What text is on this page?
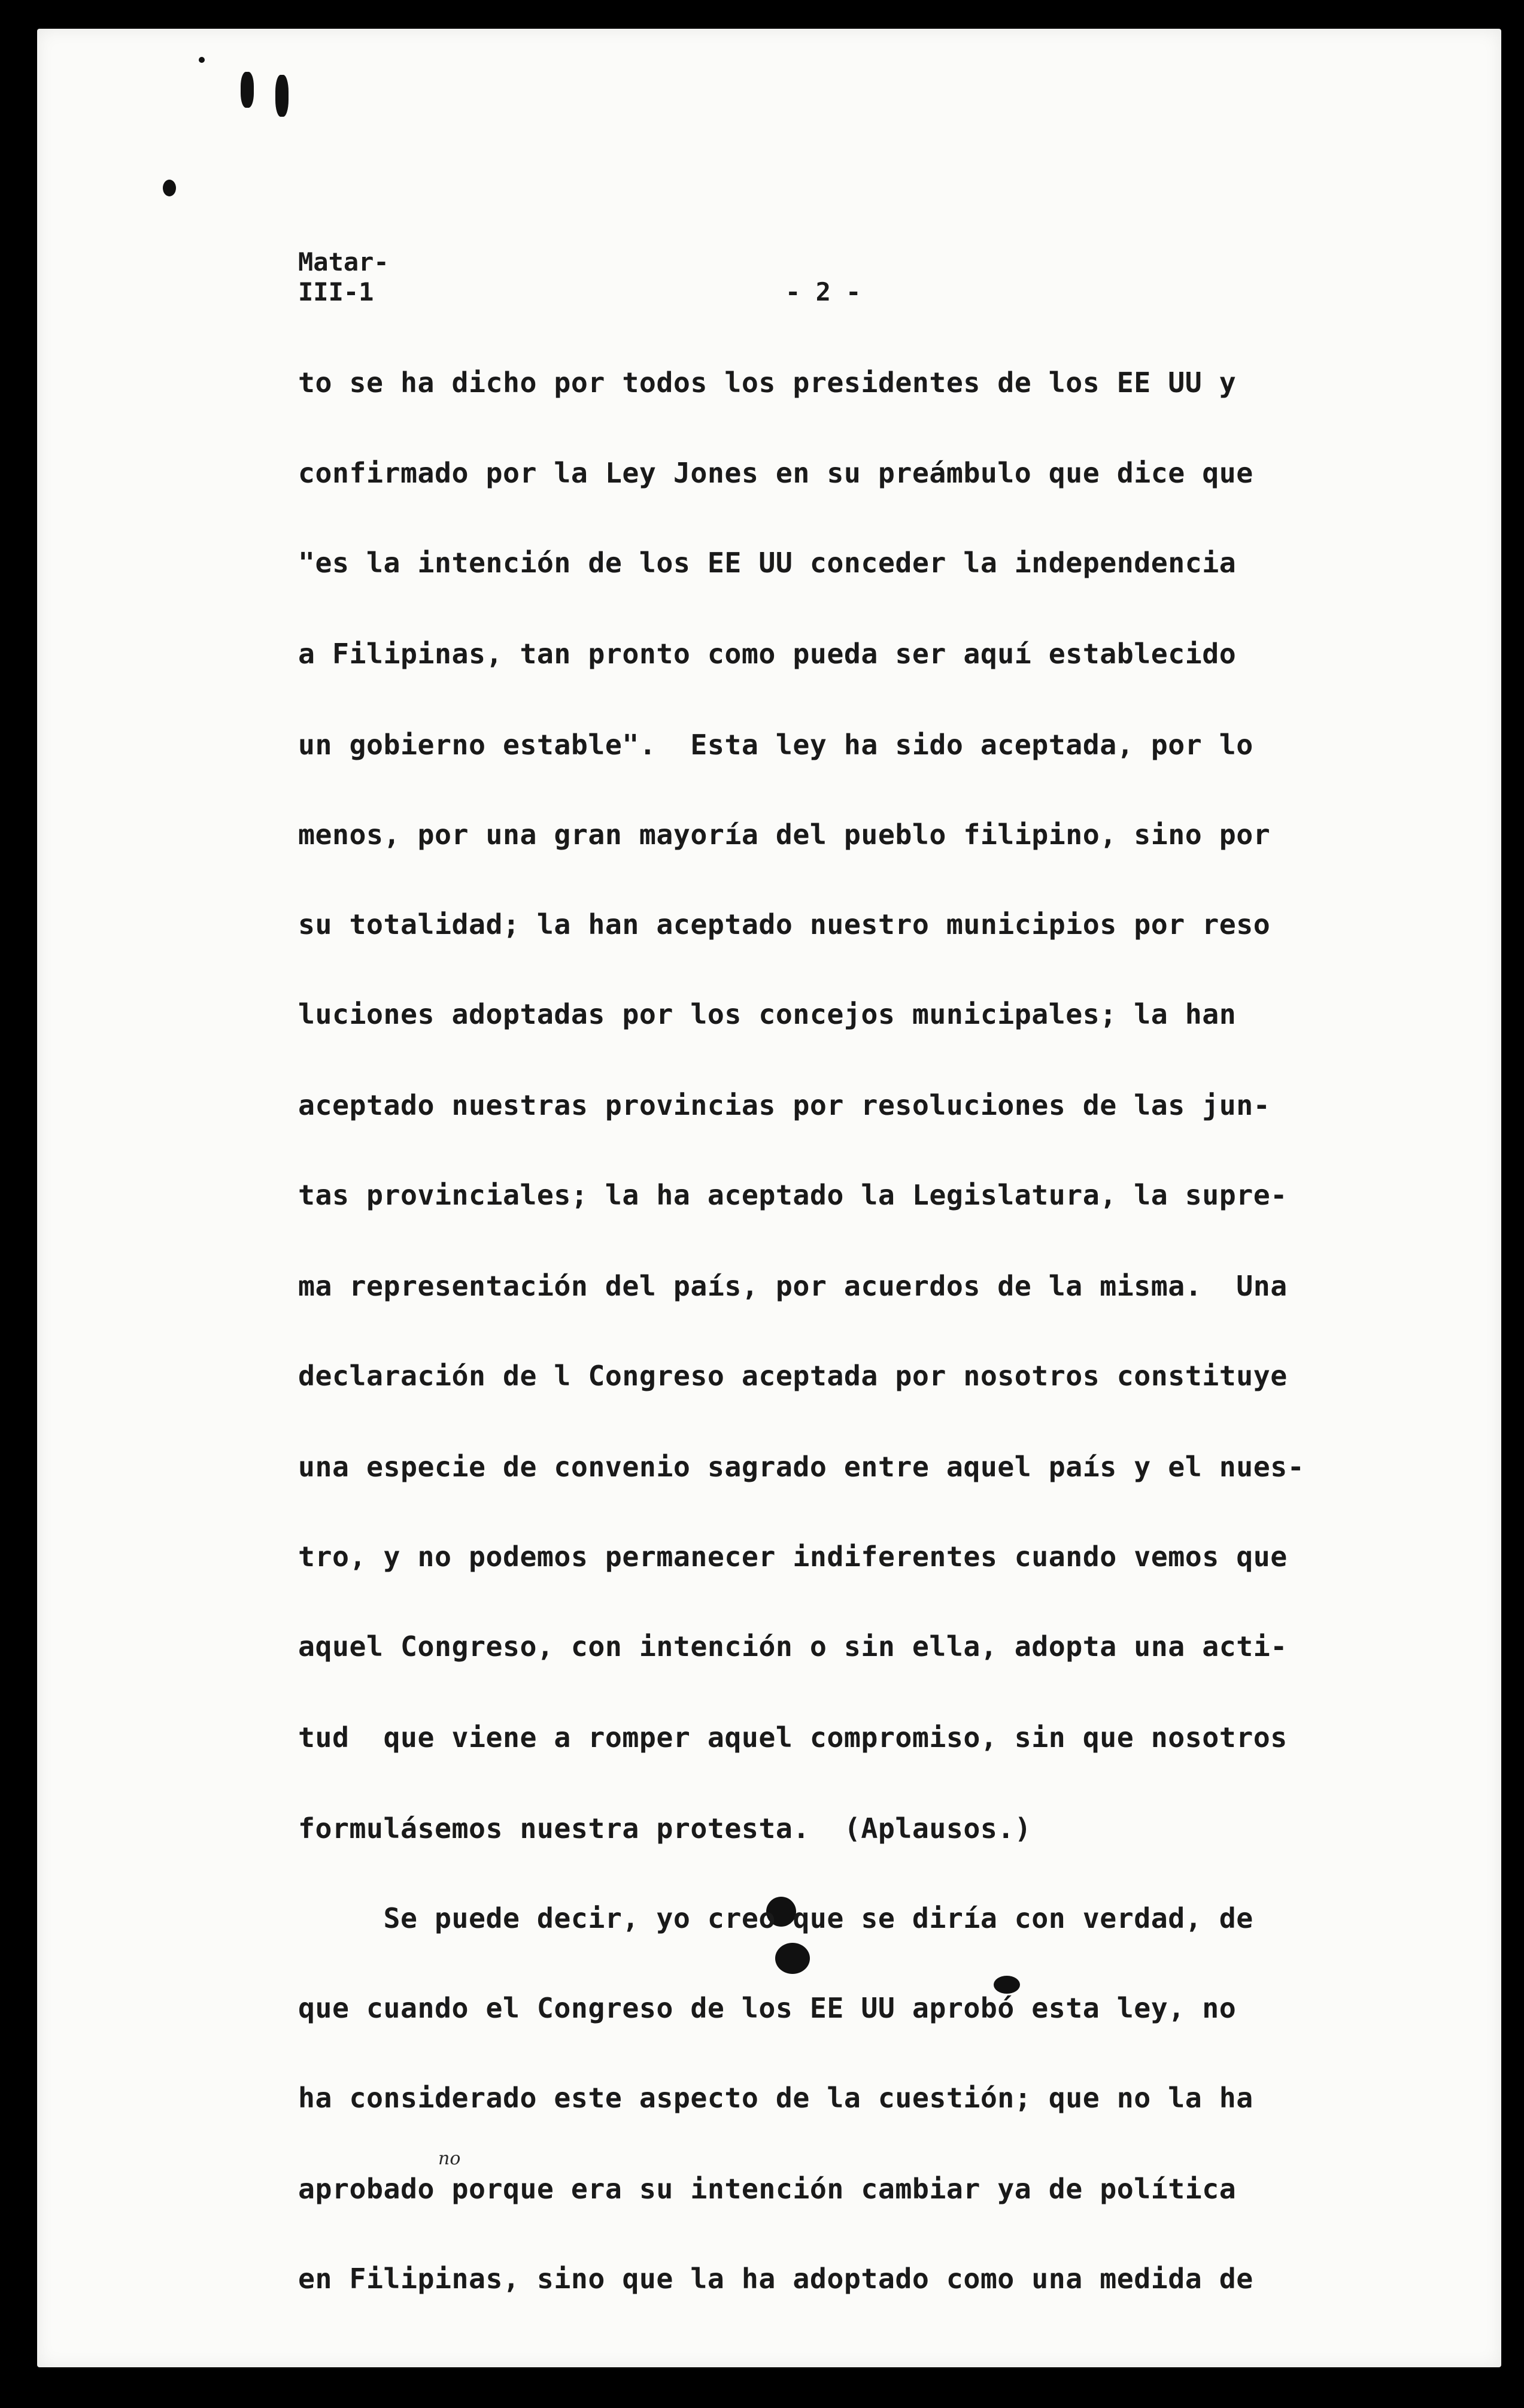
Matar-
III-1	- 2 -
to se ha dicho por todos los presidentes de los EE UU y
confirmado por la Ley Jones en su preámbulo que dice que
"es la intención de los EE UU conceder la independencia
a Filipinas, tan pronto como pueda ser aquí establecido
un gobierno estable".  Esta ley ha sido aceptada, por lo
menos, por una gran mayoría del pueblo filipino, sino por
su totalidad; la han aceptado nuestro municipios por reso
luciones adoptadas por los concejos municipales; la han
aceptado nuestras provincias por resoluciones de las jun-
tas provinciales; la ha aceptado la Legislatura, la supre-
ma representación del país, por acuerdos de la misma.  Una
declaración de l Congreso aceptada por nosotros constituye
una especie de convenio sagrado entre aquel país y el nues-
tro, y no podemos permanecer indiferentes cuando vemos que
aquel Congreso, con intención o sin ella, adopta una acti-
tud  que viene a romper aquel compromiso, sin que nosotros
formulásemos nuestra protesta.  (Aplausos.)
Se puede decir, yo creo que se diría con verdad, de
que cuando el Congreso de los EE UU aprobó esta ley, no
ha considerado este aspecto de la cuestión; que no la ha
aprobado porque era su intención cambiar ya de política
en Filipinas, sino que la ha adoptado como una medida de
no
